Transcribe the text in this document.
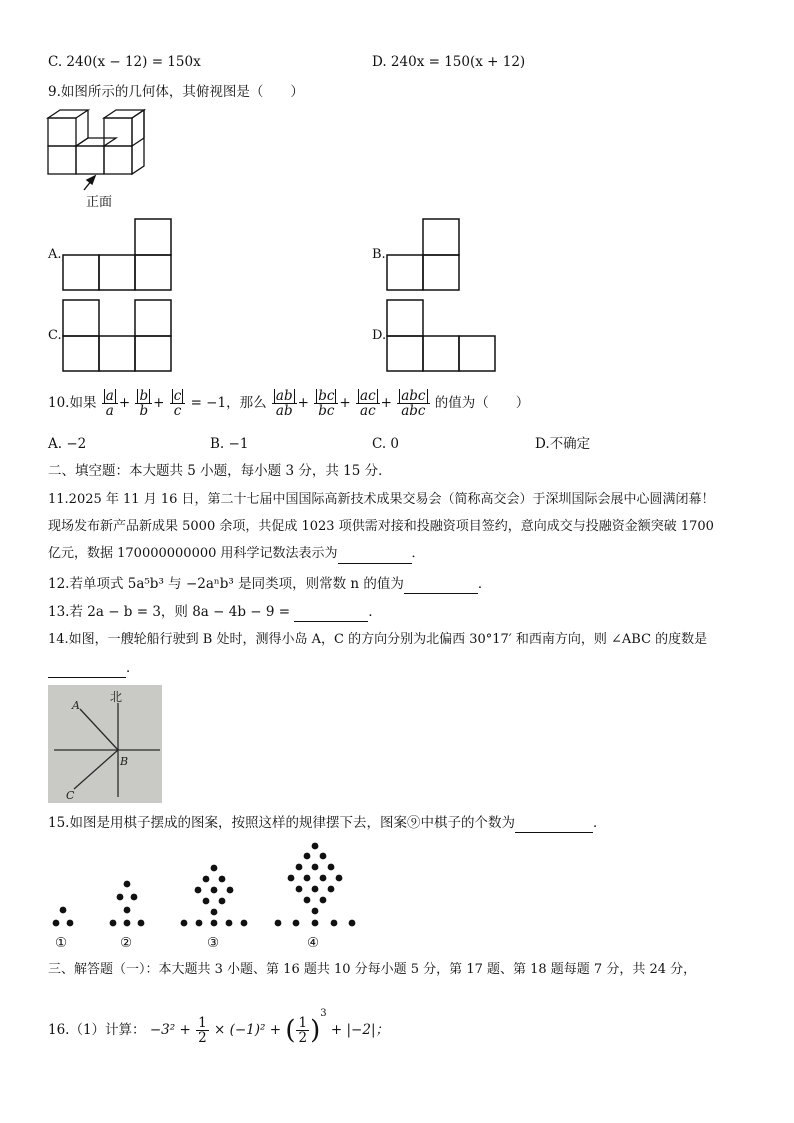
C. 240(x − 12) = 150x	D. 240x = 150(x + 12)
9.如图所示的几何体，其俯视图是（　　）
正面
A.	B.
C.	D.
10.如果 $\frac{a}{a} + \frac{b}{b} + \frac{c}{c} = -1$，那么 $\frac{ab}{ab} + \frac{bc}{bc} + \frac{ac}{ac} + \frac{\text{abc}}{\text{abc}}$ 的值为（　　）
A. −2	B. −1	C. 0	D.不确定
二、填空题：本大题共 5 小题，每小题 3 分，共 15 分．
11.2025 年 11 月 16 日，第二十七届中国国际高新技术成果交易会（简称高交会）于深圳国际会展中心圆满闭幕！
现场发布新产品新成果 5000 余项，共促成 1023 项供需对接和投融资项目签约，意向成交与投融资金额突破 1700
亿元，数据 170000000000 用科学记数法表示为	．
12.若单项式 5a⁵b³ 与 −2aⁿb³ 是同类项，则常数 n 的值为	．
13.若 2a − b = 3，则 8a − 4b − 9 =	．
14.如图，一艘轮船行驶到 B 处时，测得小岛 A，C 的方向分别为北偏西 30°17′ 和西南方向，则 ∠ABC 的度数是
．
北
A
B
C
15.如图是用棋子摆成的图案，按照这样的规律摆下去，图案⑨中棋子的个数为	．
①	②	③	④
三、解答题（一）：本大题共 3 小题、第 16 题共 10 分每小题 5 分，第 17 题、第 18 题每题 7 分，共 24 分，
16.（1）计算： $-3^2 + \frac{1}{2} \times (-1)^2$ + ( $\frac{1}{2} )^3 + |-2|$；
